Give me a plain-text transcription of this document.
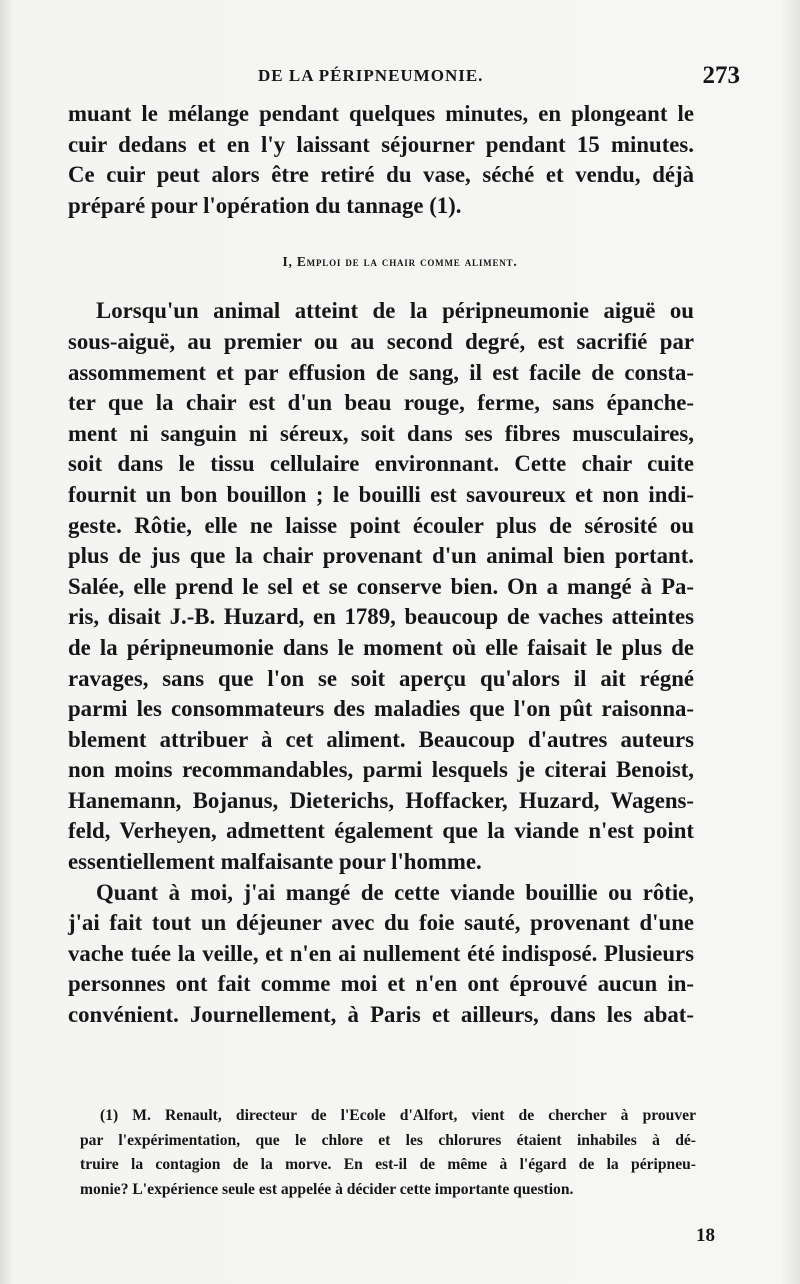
DE LA PÉRIPNEUMONIE.	273
muant le mélange pendant quelques minutes, en plongeant le
cuir dedans et en l'y laissant séjourner pendant 15 minutes.
Ce cuir peut alors être retiré du vase, séché et vendu, déjà
préparé pour l'opération du tannage (1).
I, Emploi de la chair comme aliment.
Lorsqu'un animal atteint de la péripneumonie aiguë ou
sous-aiguë, au premier ou au second degré, est sacrifié par
assommement et par effusion de sang, il est facile de consta-
ter que la chair est d'un beau rouge, ferme, sans épanche-
ment ni sanguin ni séreux, soit dans ses fibres musculaires,
soit dans le tissu cellulaire environnant. Cette chair cuite
fournit un bon bouillon ; le bouilli est savoureux et non indi-
geste. Rôtie, elle ne laisse point écouler plus de sérosité ou
plus de jus que la chair provenant d'un animal bien portant.
Salée, elle prend le sel et se conserve bien. On a mangé à Pa-
ris, disait J.-B. Huzard, en 1789, beaucoup de vaches atteintes
de la péripneumonie dans le moment où elle faisait le plus de
ravages, sans que l'on se soit aperçu qu'alors il ait régné
parmi les consommateurs des maladies que l'on pût raisonna-
blement attribuer à cet aliment. Beaucoup d'autres auteurs
non moins recommandables, parmi lesquels je citerai Benoist,
Hanemann, Bojanus, Dieterichs, Hoffacker, Huzard, Wagens-
feld, Verheyen, admettent également que la viande n'est point
essentiellement malfaisante pour l'homme.
Quant à moi, j'ai mangé de cette viande bouillie ou rôtie,
j'ai fait tout un déjeuner avec du foie sauté, provenant d'une
vache tuée la veille, et n'en ai nullement été indisposé. Plusieurs
personnes ont fait comme moi et n'en ont éprouvé aucun in-
convénient. Journellement, à Paris et ailleurs, dans les abat-
(1) M. Renault, directeur de l'Ecole d'Alfort, vient de chercher à prouver
par l'expérimentation, que le chlore et les chlorures étaient inhabiles à dé-
truire la contagion de la morve. En est-il de même à l'égard de la péripneu-
monie? L'expérience seule est appelée à décider cette importante question.
18
